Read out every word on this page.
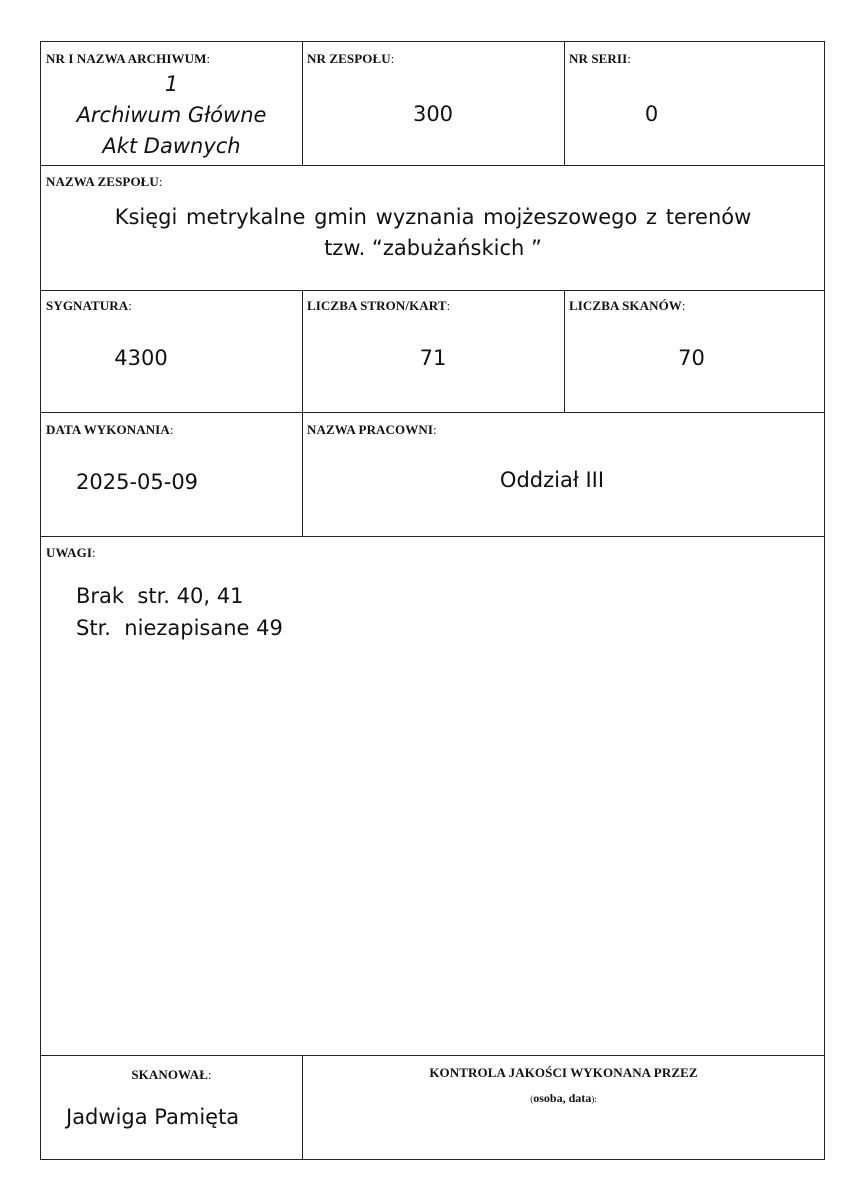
NR I NAZWA ARCHIWUM:
1
Archiwum Główne
Akt Dawnych
NR ZESPOŁU:
300
NR SERII:
0
NAZWA ZESPOŁU:
Księgi metrykalne gmin wyznania mojżeszowego z terenów
tzw. “zabużańskich ”
SYGNATURA:
4300
LICZBA STRON/KART:
71
LICZBA SKANÓW:
70
DATA WYKONANIA:
2025-05-09
NAZWA PRACOWNI:
Oddział III
UWAGI:
Brak  str. 40, 41
Str.  niezapisane 49
SKANOWAŁ:
Jadwiga Pamięta
KONTROLA JAKOŚCI WYKONANA PRZEZ
(osoba, data):
